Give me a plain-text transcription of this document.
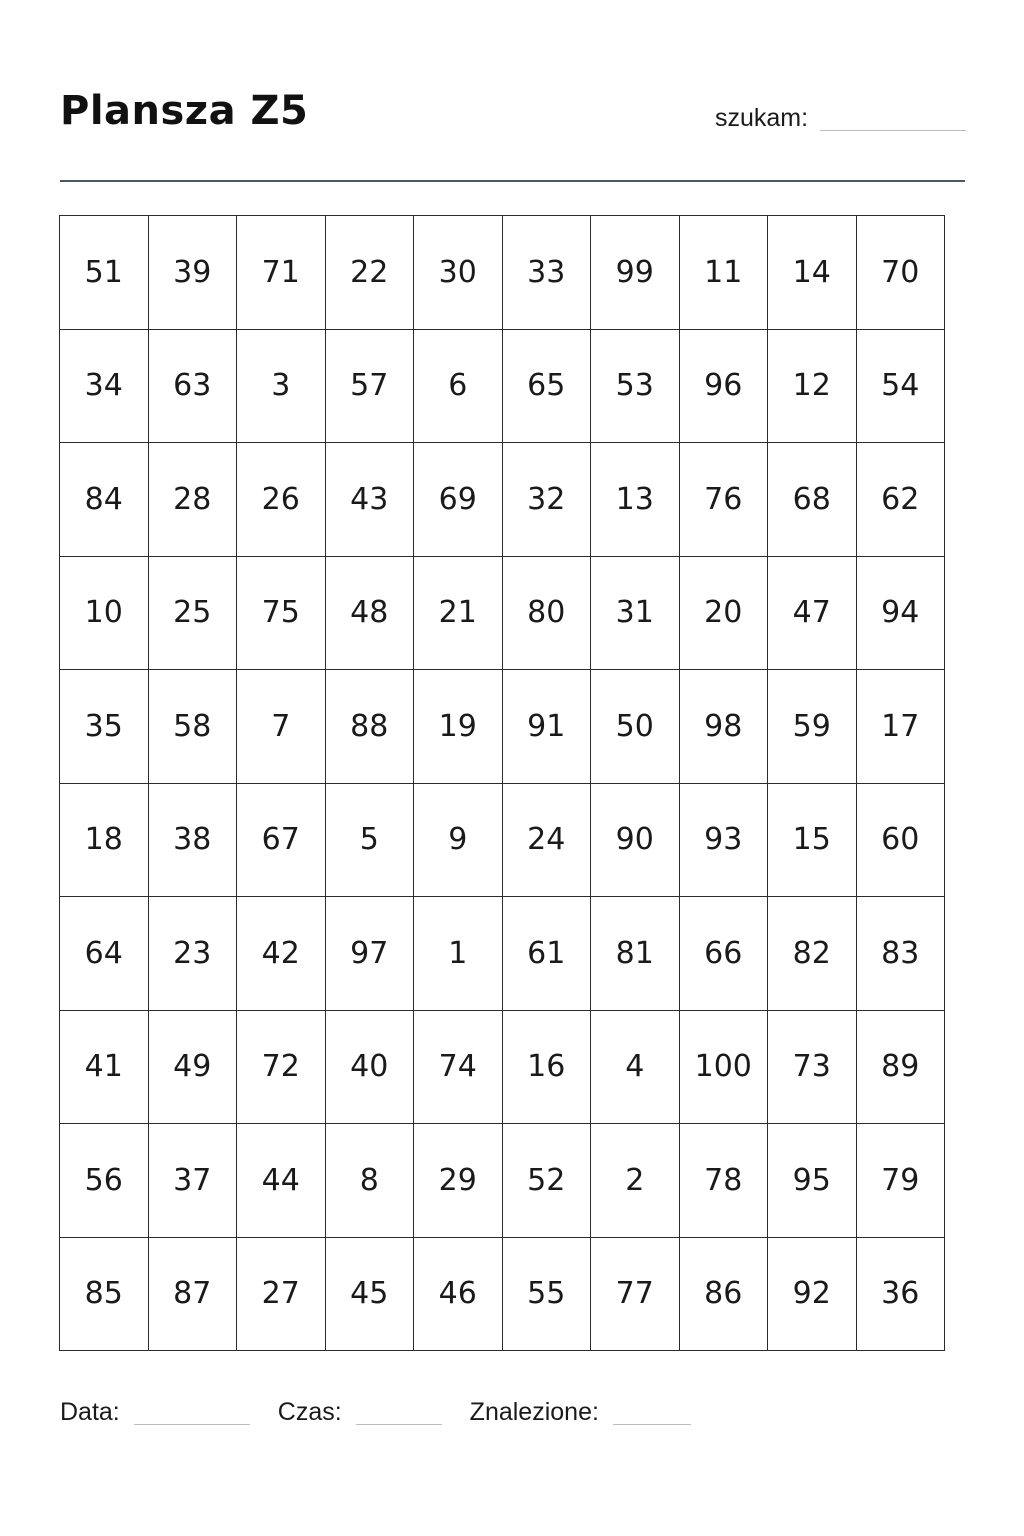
Plansza Z5	szukam:
51	39	71	22	30	33	99	11	14	70
34	63	3	57	6	65	53	96	12	54
84	28	26	43	69	32	13	76	68	62
10	25	75	48	21	80	31	20	47	94
35	58	7	88	19	91	50	98	59	17
18	38	67	5	9	24	90	93	15	60
64	23	42	97	1	61	81	66	82	83
41	49	72	40	74	16	4	100	73	89
56	37	44	8	29	52	2	78	95	79
85	87	27	45	46	55	77	86	92	36
Data:	Czas:	Znalezione:
